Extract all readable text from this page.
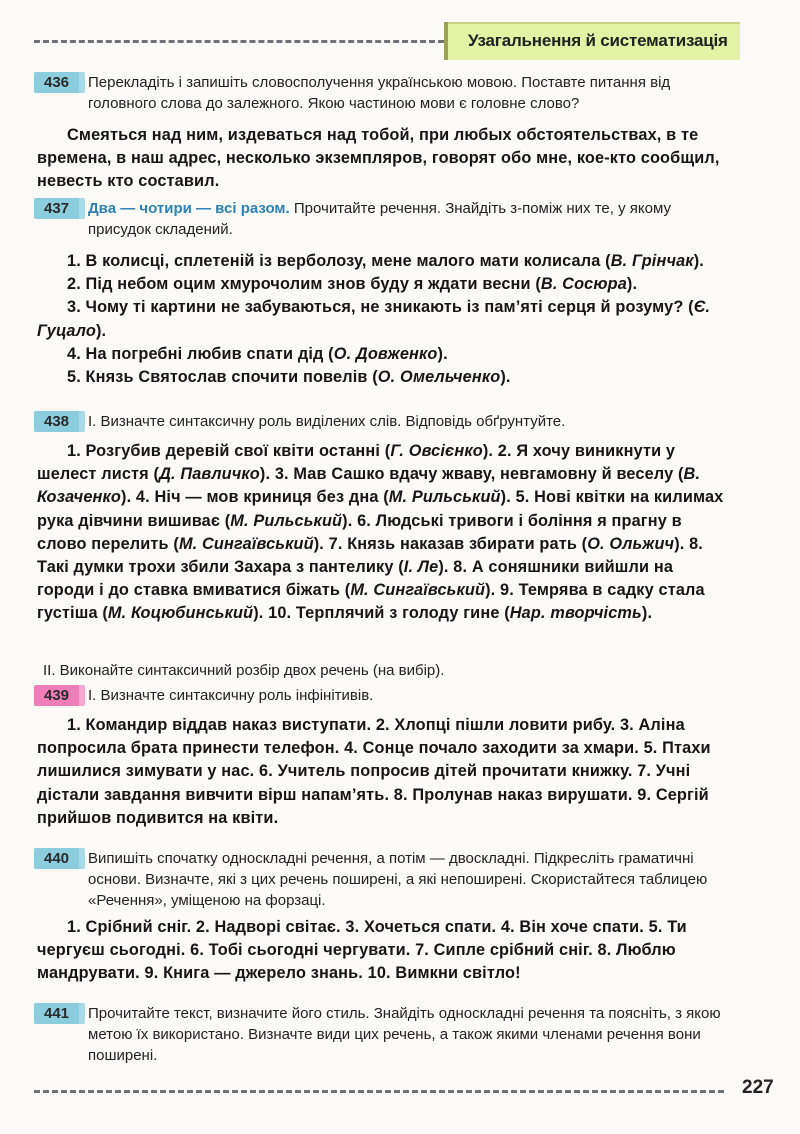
Узагальнення й систематизація
436	Перекладіть і запишіть словосполучення українською мовою. Поставте питання від головного слова до залежного. Якою частиною мови є головне слово?

Смеяться над ним, издеваться над тобой, при любых обстоятельствах, в те времена, в наш адрес, несколько экземпляров, говорят обо мне, кое-кто сообщил, невесть кто составил.

437	Два — чотири — всі разом. Прочитайте речення. Знайдіть з-поміж них те, у якому присудок складений.

1. В колисці, сплетеній із верболозу, мене малого мати колисала (В. Грінчак).

2. Під небом оцим хмурочолим знов буду я ждати весни (В. Сосюра).

3. Чому ті картини не забуваються, не зникають із пам’яті серця й розуму? (Є. Гуцало).

4. На погребні любив спати дід (О. Довженко).

5. Князь Святослав спочити повелів (О. Омельченко).

438	І. Визначте синтаксичну роль виділених слів. Відповідь обґрунтуйте.

1. Розгубив деревій свої квіти останні (Г. Овсієнко). 2. Я хочу виникнути у шелест листя (Д. Павличко). 3. Мав Сашко вдачу жваву, невгамовну й веселу (В. Козаченко). 4. Ніч — мов криниця без дна (М. Рильський). 5. Нові квітки на килимах рука дівчини вишиває (М. Рильський). 6. Людські тривоги і боління я прагну в слово перелить (М. Сингаївський). 7. Князь наказав збирати рать (О. Ольжич). 8. Такі думки трохи збили Захара з пантелику (І. Ле). 8. А соняшники вийшли на городи і до ставка вмиватися біжать (М. Сингаївський). 9. Темрява в садку стала густіша (М. Коцюбинський). 10. Терплячий з голоду гине (Нар. творчість).

ІІ. Виконайте синтаксичний розбір двох речень (на вибір).

439	І. Визначте синтаксичну роль інфінітивів.

1. Командир віддав наказ виступати. 2. Хлопці пішли ловити рибу. 3. Аліна попросила брата принести телефон. 4. Сонце почало заходити за хмари. 5. Птахи лишилися зимувати у нас. 6. Учитель попросив дітей прочитати книжку. 7. Учні дістали завдання вивчити вірш напам’ять. 8. Пролунав наказ вирушати. 9. Сергій прийшов подивится на квіти.

440	Випишіть спочатку односкладні речення, а потім — двоскладні. Підкресліть граматичні основи. Визначте, які з цих речень поширені, а які непоширені. Скористайтеся таблицею «Речення», уміщеною на форзаці.

1. Срібний сніг. 2. Надворі світає. 3. Хочеться спати. 4. Він хоче спати. 5. Ти чергуєш сьогодні. 6. Тобі сьогодні чергувати. 7. Сипле срібний сніг. 8. Люблю мандрувати. 9. Книга — джерело знань. 10. Вимкни світло!

441	Прочитайте текст, визначите його стиль. Знайдіть односкладні речення та поясніть, з якою метою їх використано. Визначте види цих речень, а також якими членами речення вони поширені.

227
